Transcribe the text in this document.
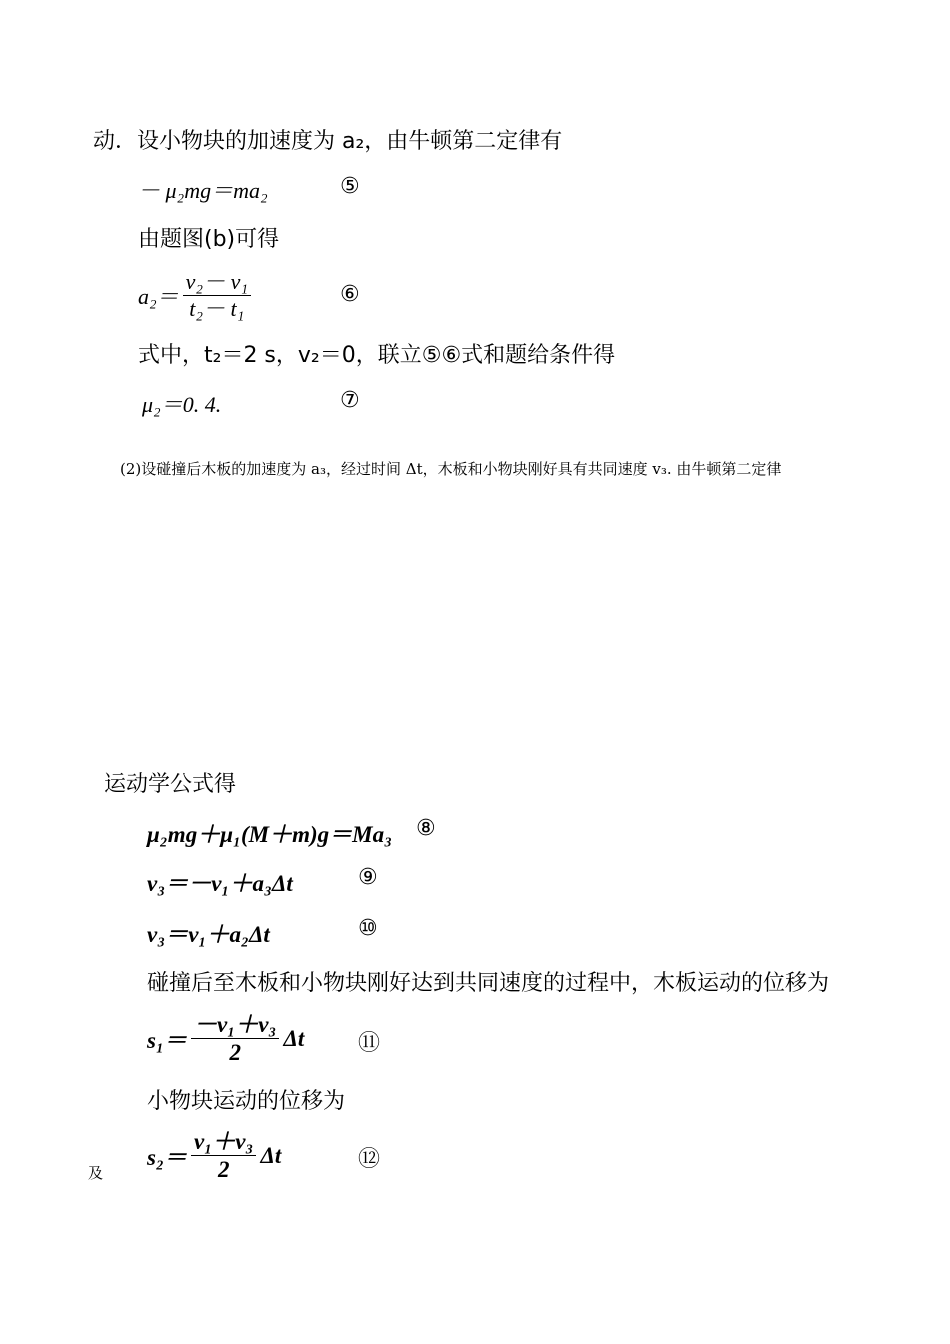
动．设小物块的加速度为 a₂，由牛顿第二定律有
－ μ₂mg＝ma₂	⑤
由题图(b)可得
$a_2= \frac{\text{v₂－ v₁}}{\text{t₂－ t₁}}$	⑥
式中，t₂＝2 s，v₂＝0，联立⑤⑥式和题给条件得
μ₂＝0. 4.	⑦
(2)设碰撞后木板的加速度为 a₃，经过时间 Δt，木板和小物块刚好具有共同速度 v₃. 由牛顿第二定律
运动学公式得
μ₂mg＋μ₁(M＋m)g＝Ma₃ ⑧
v₃＝－v₁＋a₃Δt	⑨
v₃＝v₁＋a₂Δt	⑩
碰撞后至木板和小物块刚好达到共同速度的过程中，木板运动的位移为
$s_1= \frac{\text{－v₁＋v₃}}{2}$ Δt ⑪
小物块运动的位移为
$s_2= \frac{\text{v₁＋v₃}}{2}$ Δt	⑫
及
